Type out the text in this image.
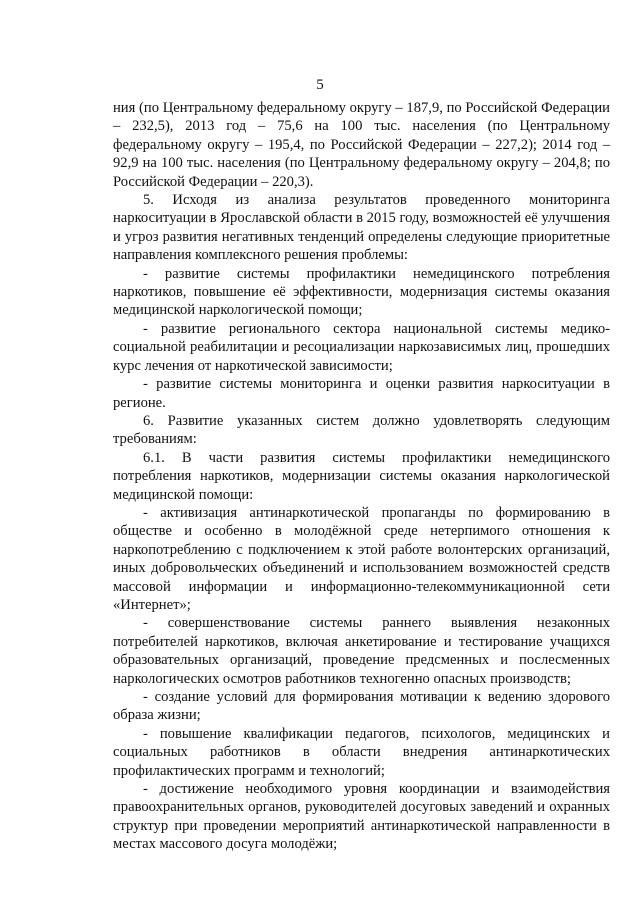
5

ния (по Центральному федеральному округу – 187,9, по Российской Федерации – 232,5), 2013 год – 75,6 на 100 тыс. населения (по Центральному федеральному округу – 195,4, по Российской Федерации – 227,2); 2014 год – 92,9 на 100 тыс. населения (по Центральному федеральному округу – 204,8; по Российской Федерации – 220,3).

5. Исходя из анализа результатов проведенного мониторинга наркоситуации в Ярославской области в 2015 году, возможностей её улучшения и угроз развития негативных тенденций определены следующие приоритетные направления комплексного решения проблемы:

- развитие системы профилактики немедицинского потребления наркотиков, повышение её эффективности, модернизация системы оказания медицинской наркологической помощи;

- развитие регионального сектора национальной системы медико-социальной реабилитации и ресоциализации наркозависимых лиц, прошедших курс лечения от наркотической зависимости;

- развитие системы мониторинга и оценки развития наркоситуации в регионе.

6. Развитие указанных систем должно удовлетворять следующим требованиям:

6.1. В части развития системы профилактики немедицинского потребления наркотиков, модернизации системы оказания наркологической медицинской помощи:

- активизация антинаркотической пропаганды по формированию в обществе и особенно в молодёжной среде нетерпимого отношения к наркопотреблению с подключением к этой работе волонтерских организаций, иных добровольческих объединений и использованием возможностей средств массовой информации и информационно-телекоммуникационной сети «Интернет»;

- совершенствование системы раннего выявления незаконных потребителей наркотиков, включая анкетирование и тестирование учащихся образовательных организаций, проведение предсменных и послесменных наркологических осмотров работников техногенно опасных производств;

- создание условий для формирования мотивации к ведению здорового образа жизни;

- повышение квалификации педагогов, психологов, медицинских и социальных работников в области внедрения антинаркотических профилактических программ и технологий;

- достижение необходимого уровня координации и взаимодействия правоохранительных органов, руководителей досуговых заведений и охранных структур при проведении мероприятий антинаркотической направленности в местах массового досуга молодёжи;
